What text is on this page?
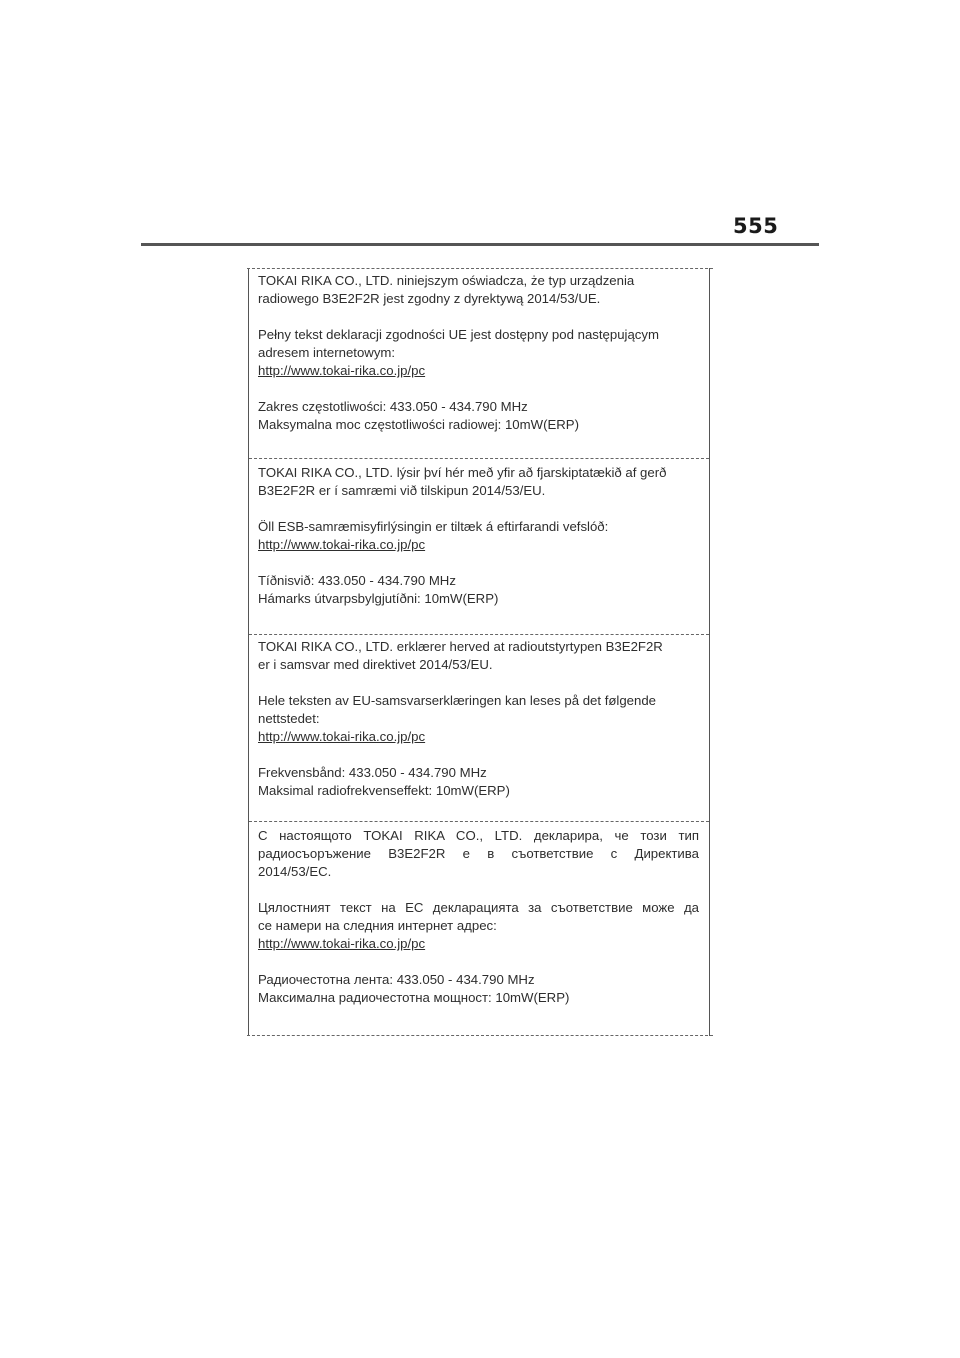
555

TOKAI RIKA CO., LTD. niniejszym oświadcza, że typ urządzenia

radiowego B3E2F2R jest zgodny z dyrektywą 2014/53/UE.

Pełny tekst deklaracji zgodności UE jest dostępny pod następującym

adresem internetowym:

http://www.tokai-rika.co.jp/pc

Zakres częstotliwości: 433.050 - 434.790 MHz

Maksymalna moc częstotliwości radiowej: 10mW(ERP)

TOKAI RIKA CO., LTD. lýsir því hér með yfir að fjarskiptatækið af gerð

B3E2F2R er í samræmi við tilskipun 2014/53/EU.

Öll ESB-samræmisyfirlýsingin er tiltæk á eftirfarandi vefslóð:

http://www.tokai-rika.co.jp/pc

Tíðnisvið: 433.050 - 434.790 MHz

Hámarks útvarpsbylgjutíðni: 10mW(ERP)

TOKAI RIKA CO., LTD. erklærer herved at radioutstyrtypen B3E2F2R

er i samsvar med direktivet 2014/53/EU.

Hele teksten av EU-samsvarserklæringen kan leses på det følgende

nettstedet:

http://www.tokai-rika.co.jp/pc

Frekvensbånd: 433.050 - 434.790 MHz

Maksimal radiofrekvenseffekt: 10mW(ERP)

С настоящото TOKAI RIKA CO., LTD. декларира, че този тип

радиосъоръжение B3E2F2R е в съответствие с Директива

2014/53/ЕС.

Цялостният текст на ЕС декларацията за съответствие може да

се намери на следния интернет адрес:

http://www.tokai-rika.co.jp/pc

Радиочестотна лента: 433.050 - 434.790 MHz

Максимална радиочестотна мощност: 10mW(ERP)
